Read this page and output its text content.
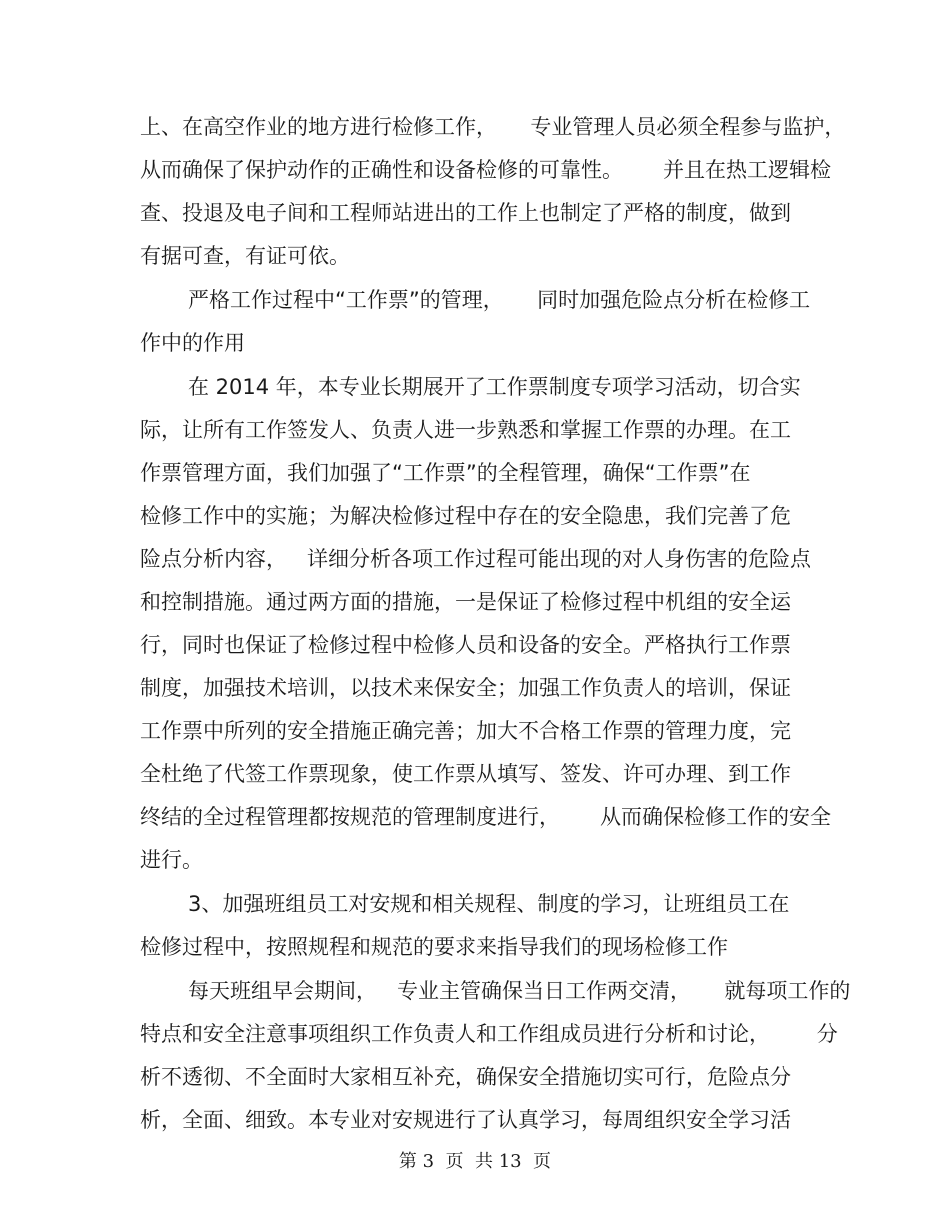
上、在高空作业的地方进行检修工作，     专业管理人员必须全程参与监护，
从而确保了保护动作的正确性和设备检修的可靠性。      并且在热工逻辑检
查、投退及电子间和工程师站进出的工作上也制定了严格的制度，做到
有据可查，有证可依。
严格工作过程中“工作票”的管理，     同时加强危险点分析在检修工
作中的作用
在 2014 年，本专业长期展开了工作票制度专项学习活动，切合实
际，让所有工作签发人、负责人进一步熟悉和掌握工作票的办理。在工
作票管理方面，我们加强了“工作票”的全程管理，确保“工作票”在
检修工作中的实施；为解决检修过程中存在的安全隐患，我们完善了危
险点分析内容，   详细分析各项工作过程可能出现的对人身伤害的危险点
和控制措施。通过两方面的措施，一是保证了检修过程中机组的安全运
行，同时也保证了检修过程中检修人员和设备的安全。严格执行工作票
制度，加强技术培训，以技术来保安全；加强工作负责人的培训，保证
工作票中所列的安全措施正确完善；加大不合格工作票的管理力度，完
全杜绝了代签工作票现象，使工作票从填写、签发、许可办理、到工作
终结的全过程管理都按规范的管理制度进行，      从而确保检修工作的安全
进行。
3、加强班组员工对安规和相关规程、制度的学习，让班组员工在
检修过程中，按照规程和规范的要求来指导我们的现场检修工作
每天班组早会期间，   专业主管确保当日工作两交清，     就每项工作的
特点和安全注意事项组织工作负责人和工作组成员进行分析和讨论，       分
析不透彻、不全面时大家相互补充，确保安全措施切实可行，危险点分
析，全面、细致。本专业对安规进行了认真学习，每周组织安全学习活
第 3  页  共 13  页
